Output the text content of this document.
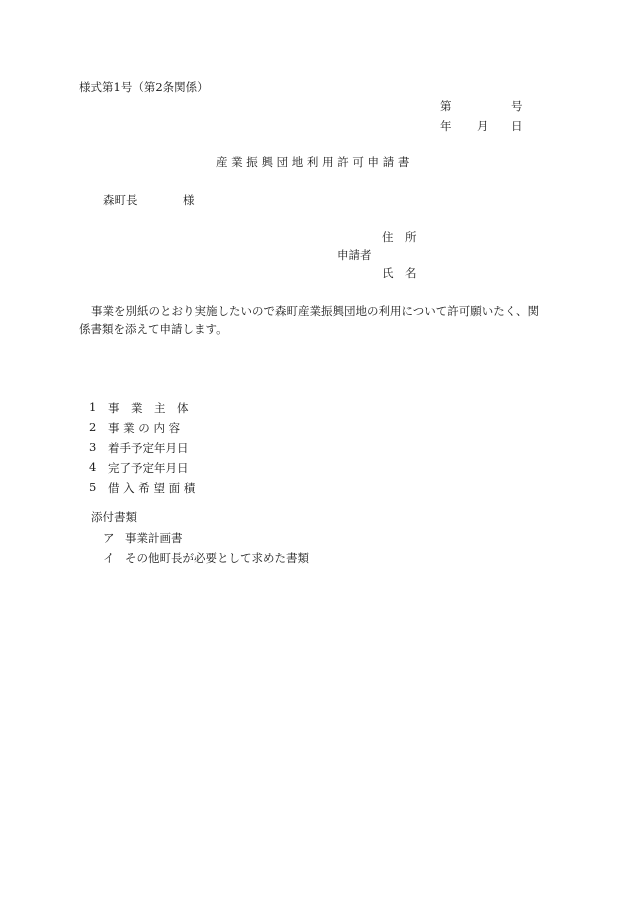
様式第1号（第2条関係）
第	号
年 月 日
産 業 振 興 団 地 利 用 許 可 申 請 書
森町長	様
住　所
申請者
氏　名
事業を別紙のとおり実施したいので森町産業振興団地の利用について許可願いたく、関
係書類を添えて申請します。
1 事　業　主　体
2 事 業 の 内 容
3 着手予定年月日
4 完了予定年月日
5 借 入 希 望 面 積
添付書類
ア 事業計画書
イ その他町長が必要として求めた書類
